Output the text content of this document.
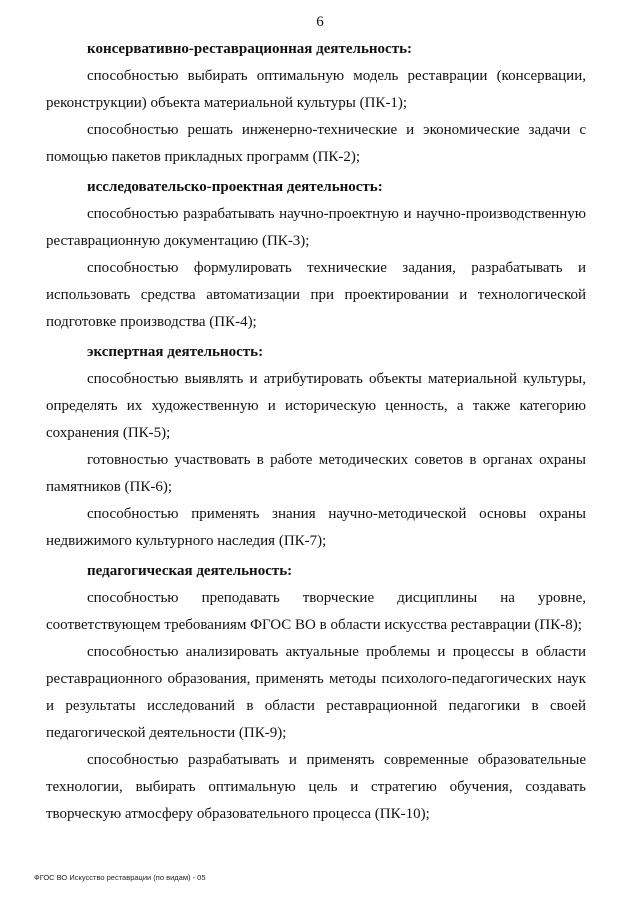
6
консервативно-реставрационная деятельность:

способностью выбирать оптимальную модель реставрации (консервации, реконструкции) объекта материальной культуры (ПК-1);

способностью решать инженерно-технические и экономические задачи с помощью пакетов прикладных программ (ПК-2);

исследовательско-проектная деятельность:

способностью разрабатывать научно-проектную и научно-производственную реставрационную документацию (ПК-3);

способностью формулировать технические задания, разрабатывать и использовать средства автоматизации при проектировании и технологической подготовке производства (ПК-4);

экспертная деятельность:

способностью выявлять и атрибутировать объекты материальной культуры, определять их художественную и историческую ценность, а также категорию сохранения (ПК-5);

готовностью участвовать в работе методических советов в органах охраны памятников (ПК-6);

способностью применять знания научно-методической основы охраны недвижимого культурного наследия (ПК-7);

педагогическая деятельность:

способностью преподавать творческие дисциплины на уровне, соответствующем требованиям ФГОС ВО в области искусства реставрации (ПК-8);

способностью анализировать актуальные проблемы и процессы в области реставрационного образования, применять методы психолого-педагогических наук и результаты исследований в области реставрационной педагогики в своей педагогической деятельности (ПК-9);

способностью разрабатывать и применять современные образовательные технологии, выбирать оптимальную цель и стратегию обучения, создавать творческую атмосферу образовательного процесса (ПК-10);

ФГОС ВО Искусство реставрации (по видам) - 05
